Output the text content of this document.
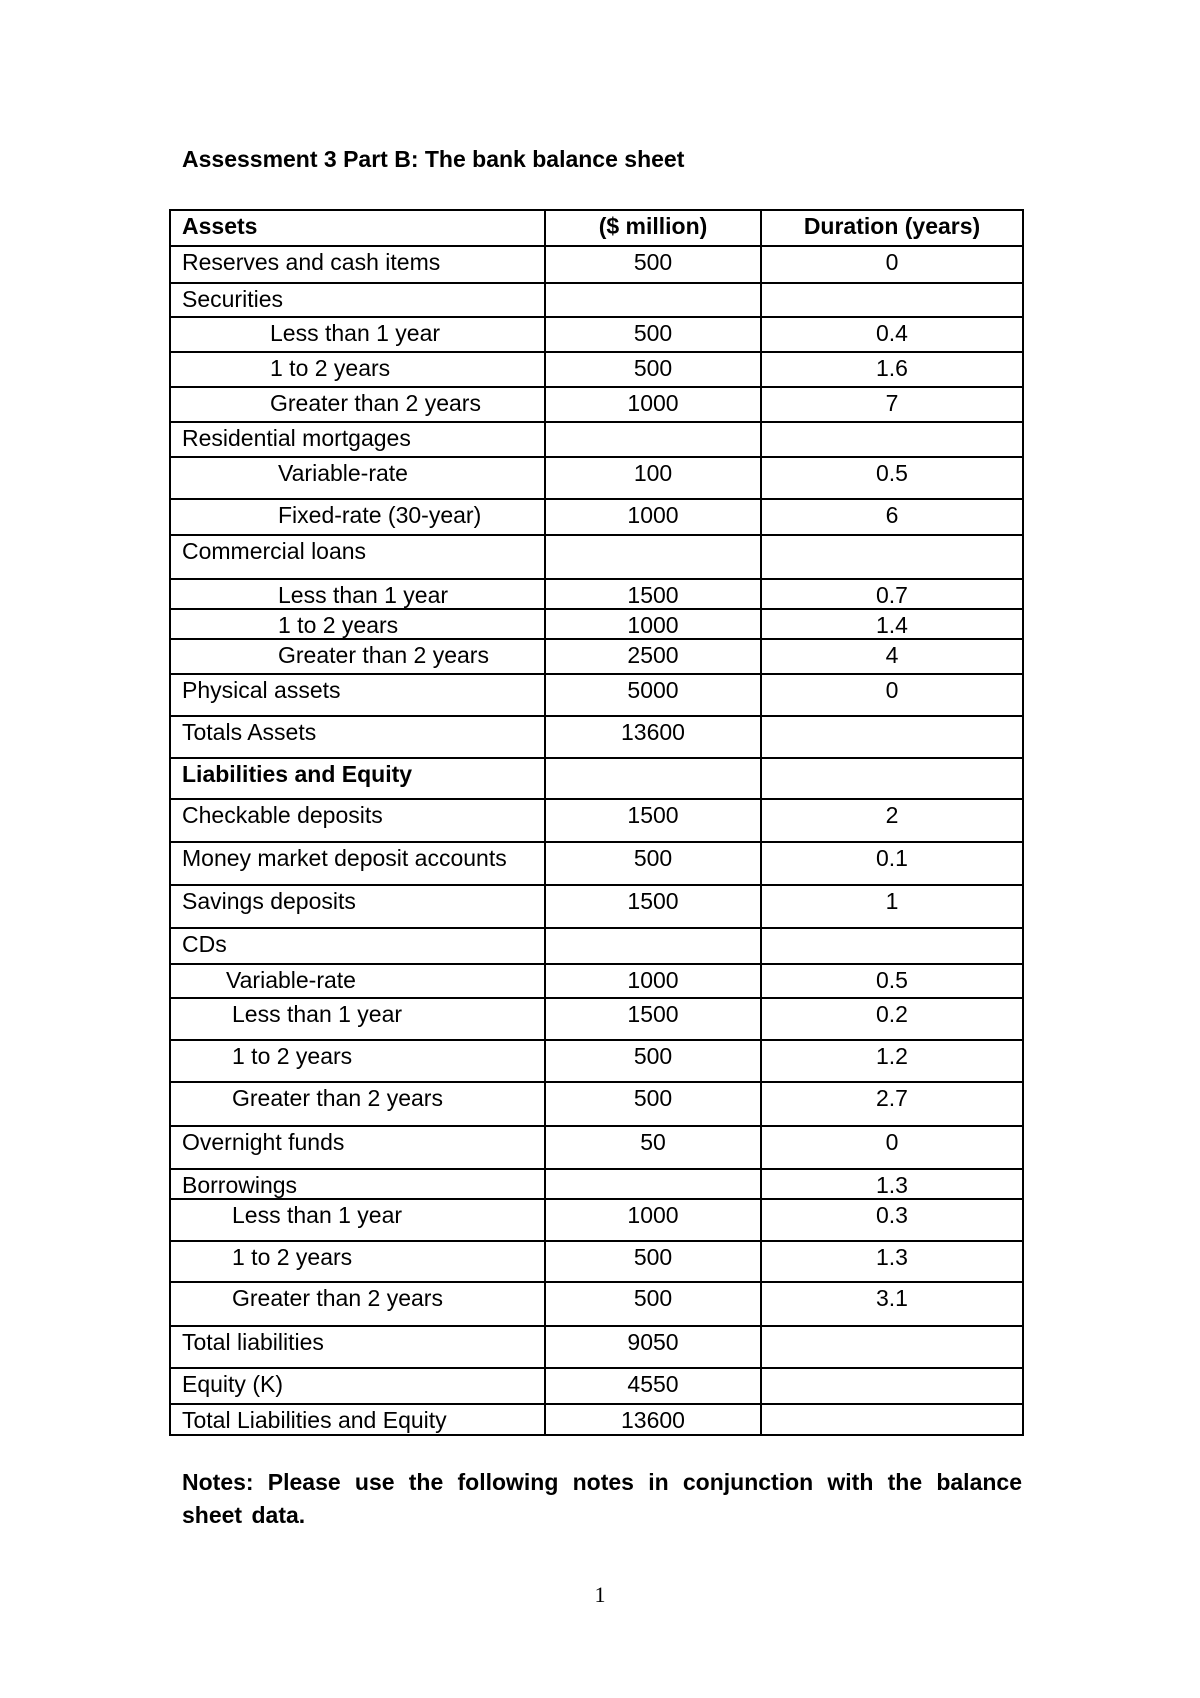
Assessment 3 Part B: The bank balance sheet
Assets	($ million)	Duration (years)
Reserves and cash items	500	0
Securities		
Less than 1 year	500	0.4
1 to 2 years	500	1.6
Greater than 2 years	1000	7
Residential mortgages		
Variable-rate	100	0.5
Fixed-rate (30-year)	1000	6
Commercial loans		
Less than 1 year	1500	0.7
1 to 2 years	1000	1.4
Greater than 2 years	2500	4
Physical assets	5000	0
Totals Assets	13600	
Liabilities and Equity		
Checkable deposits	1500	2
Money market deposit accounts	500	0.1
Savings deposits	1500	1
CDs		
Variable-rate	1000	0.5
Less than 1 year	1500	0.2
1 to 2 years	500	1.2
Greater than 2 years	500	2.7
Overnight funds	50	0
Borrowings		1.3
Less than 1 year	1000	0.3
1 to 2 years	500	1.3
Greater than 2 years	500	3.1
Total liabilities	9050	
Equity (K)	4550	
Total Liabilities and Equity	13600	
Notes: Please use the following notes in conjunction with the balance sheet data.
1
